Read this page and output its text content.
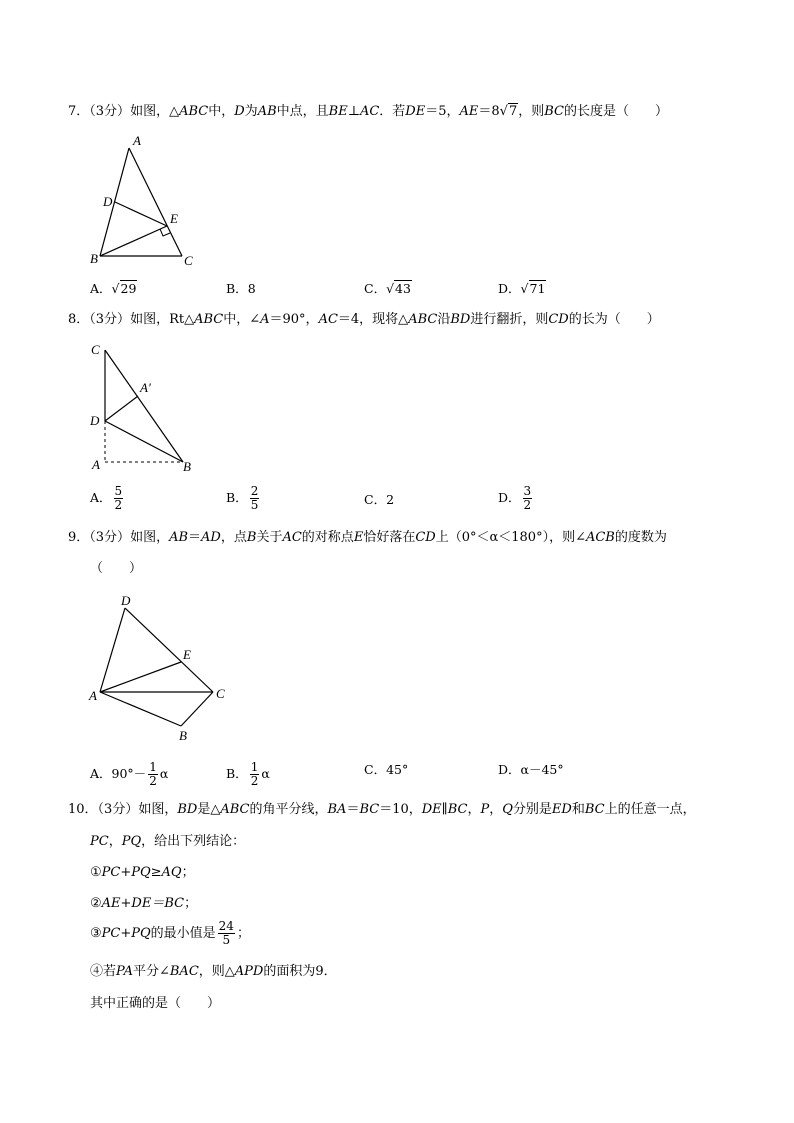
7．（3分）如图，△ABC中，D为AB中点，且BE⊥AC．若DE＝5，AE＝8√7，则BC的长度是（　　）
A
D
E
B	C
A．√29	B．8	C．√43	D．√71
8．（3分）如图，Rt△ABC中，∠A＝90°，AC＝4，现将△ABC沿BD进行翻折，则CD的长为（　　）
C
A′
D
A	B
A． $\frac{5}{2}$	B． $\frac{2}{5}$	C．2	D． $\frac{3}{2}$
9．（3分）如图，AB＝AD，点B关于AC的对称点E恰好落在CD上（0°＜α＜180°），则∠ACB的度数为
（　　）
D
E
A	C
B
A．$90^\circ- \frac{1}{2}$ α	B． $\frac{1}{2}$ α	C．45°	D．α－45°
10．（3分）如图，BD是△ABC的角平分线，BA＝BC＝10，DE∥BC，P，Q分别是ED和BC上的任意一点，
PC，PQ，给出下列结论：
①PC+PQ≥AQ；
②AE+DE＝BC；
③PC+PQ的最小值是 $\frac{24}{5}$ ；
④若PA平分∠BAC，则△APD的面积为9．
其中正确的是（　　）
